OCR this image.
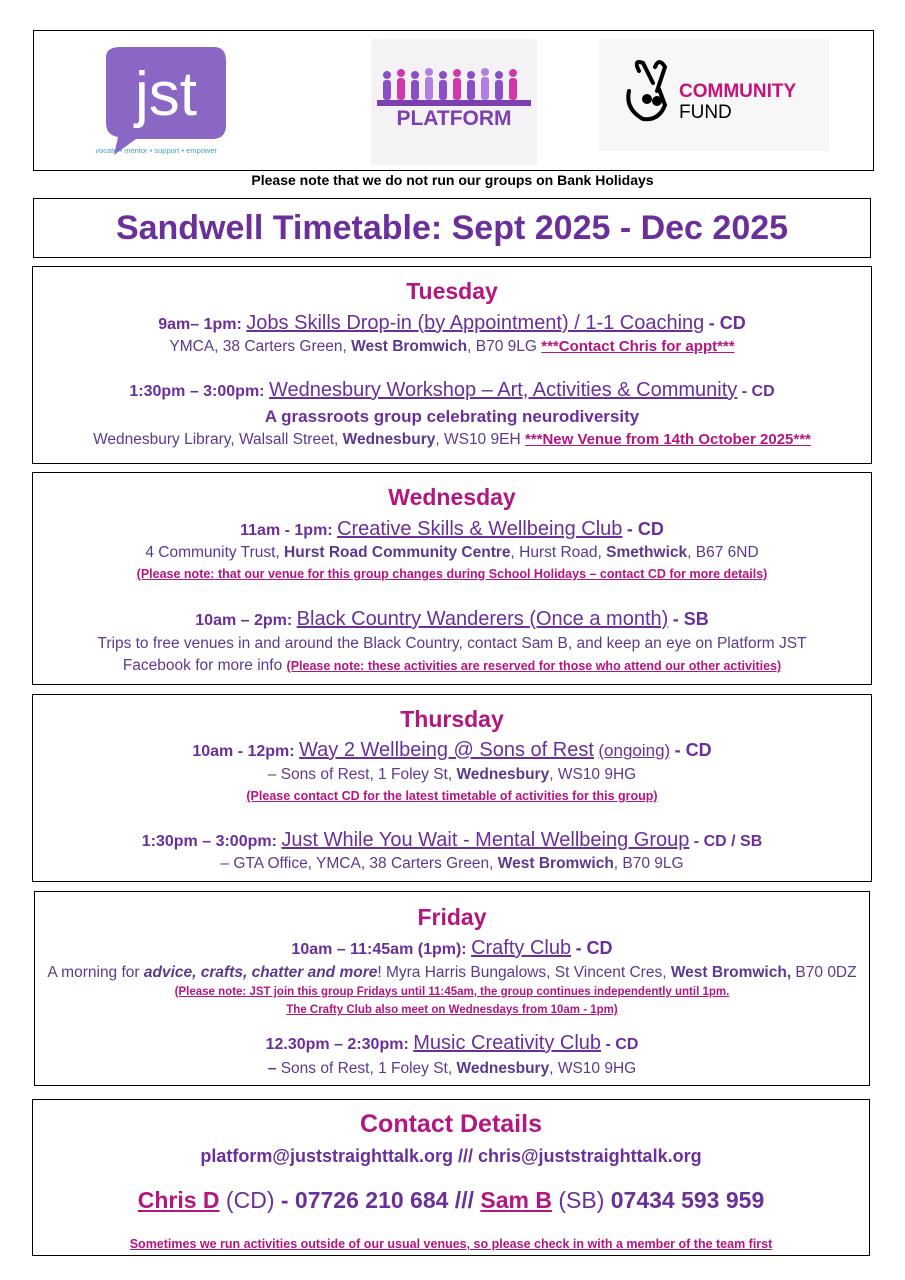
jst
advocate • mentor • support • empower
PLATFORM
COMMUNITY
FUND
Please note that we do not run our groups on Bank Holidays
Sandwell Timetable: Sept 2025 - Dec 2025
Tuesday
9am– 1pm: Jobs Skills Drop-in (by Appointment) / 1-1 Coaching - CD
YMCA, 38 Carters Green, West Bromwich, B70 9LG ***Contact Chris for appt***
1:30pm – 3:00pm: Wednesbury Workshop – Art, Activities & Community - CD
A grassroots group celebrating neurodiversity
Wednesbury Library, Walsall Street, Wednesbury, WS10 9EH ***New Venue from 14th October 2025***
Wednesday
11am - 1pm: Creative Skills & Wellbeing Club - CD
4 Community Trust, Hurst Road Community Centre, Hurst Road, Smethwick, B67 6ND
(Please note: that our venue for this group changes during School Holidays – contact CD for more details)
10am – 2pm: Black Country Wanderers (Once a month) - SB
Trips to free venues in and around the Black Country, contact Sam B, and keep an eye on Platform JST
Facebook for more info (Please note: these activities are reserved for those who attend our other activities)
Thursday
10am - 12pm: Way 2 Wellbeing @ Sons of Rest (ongoing) - CD
– Sons of Rest, 1 Foley St, Wednesbury, WS10 9HG
(Please contact CD for the latest timetable of activities for this group)
1:30pm – 3:00pm: Just While You Wait - Mental Wellbeing Group - CD / SB
– GTA Office, YMCA, 38 Carters Green, West Bromwich, B70 9LG
Friday
10am – 11:45am (1pm): Crafty Club - CD
A morning for advice, crafts, chatter and more! Myra Harris Bungalows, St Vincent Cres, West Bromwich, B70 0DZ
(Please note: JST join this group Fridays until 11:45am, the group continues independently until 1pm.
The Crafty Club also meet on Wednesdays from 10am - 1pm)
12.30pm – 2:30pm: Music Creativity Club - CD
– Sons of Rest, 1 Foley St, Wednesbury, WS10 9HG
Contact Details
platform@juststraighttalk.org /// chris@juststraighttalk.org
Chris D (CD) - 07726 210 684 /// Sam B (SB) 07434 593 959
Sometimes we run activities outside of our usual venues, so please check in with a member of the team first
